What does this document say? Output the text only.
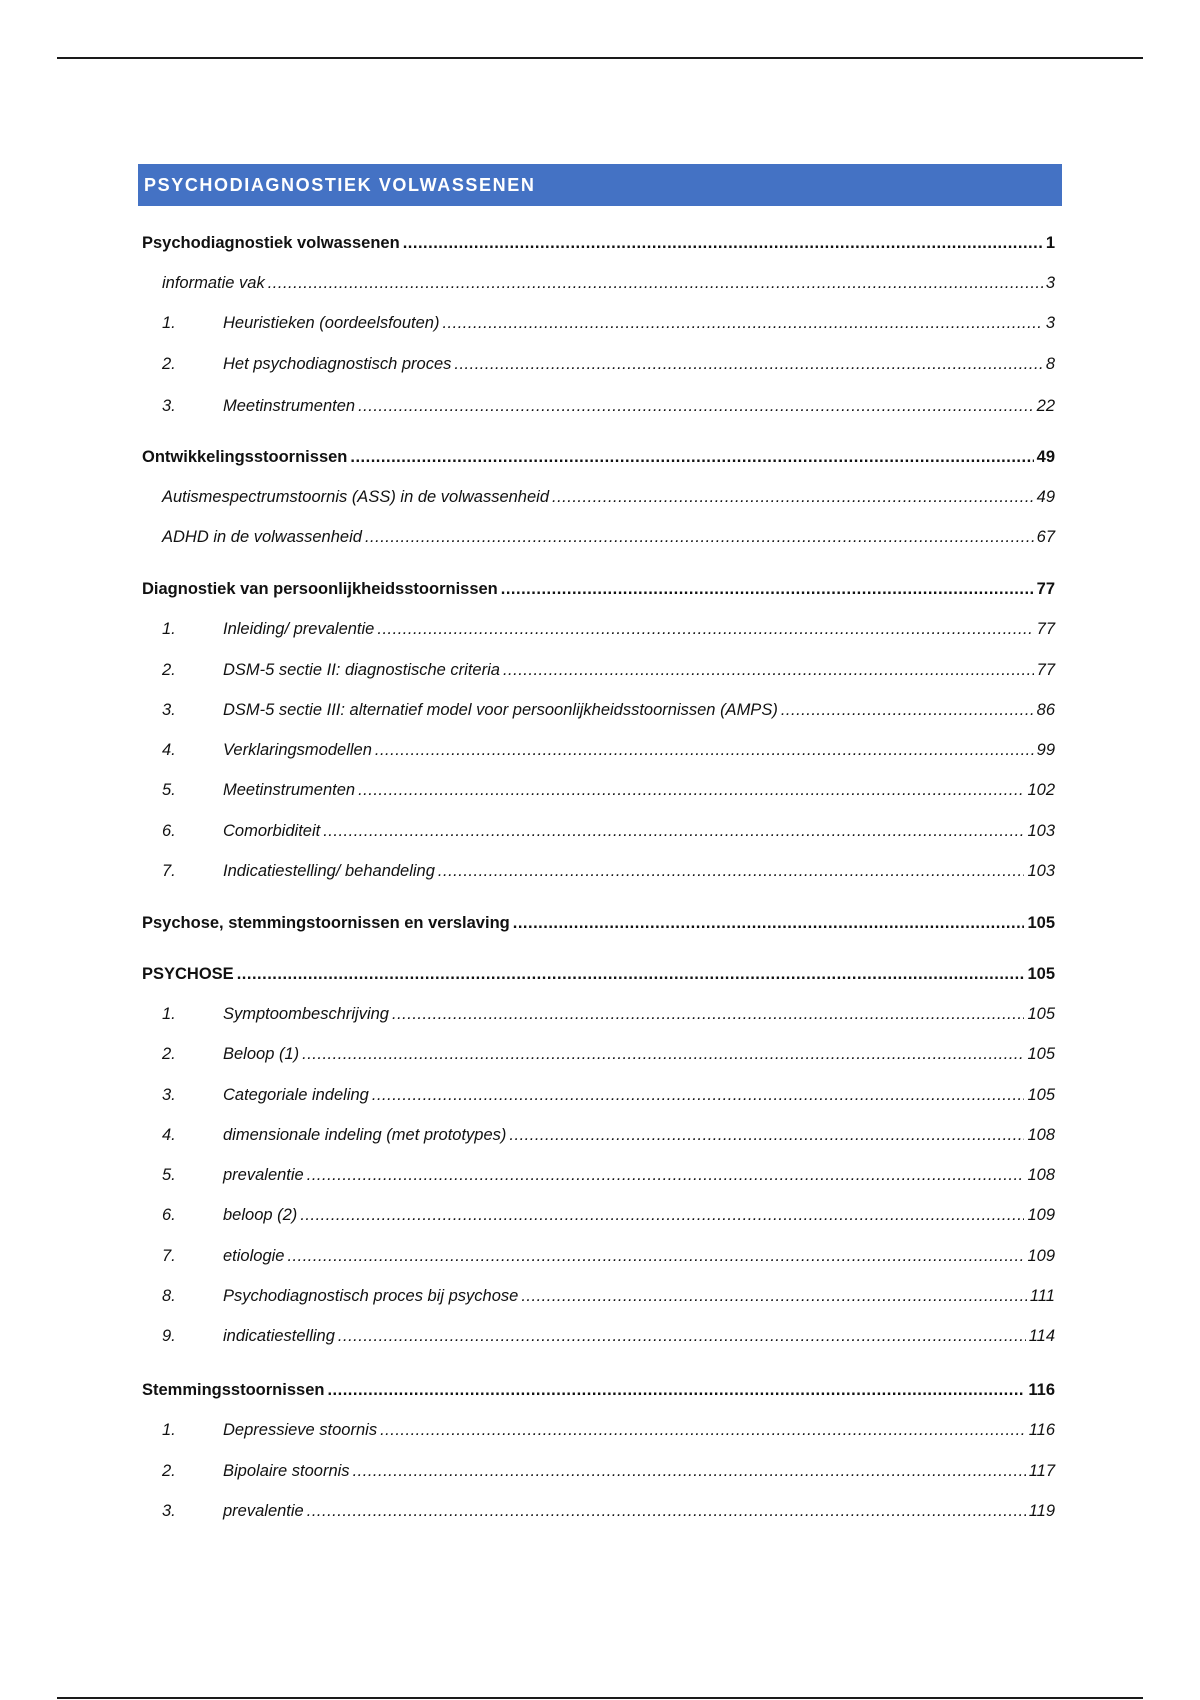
PSYCHODIAGNOSTIEK VOLWASSENEN
Psychodiagnostiek volwassenen .....	1
informatie vak .....	3
1.	Heuristieken (oordeelsfouten) .....	3
2.	Het psychodiagnostisch proces .....	8
3.	Meetinstrumenten .....	22
Ontwikkelingsstoornissen .....	49
Autismespectrumstoornis (ASS) in de volwassenheid .....	49
ADHD in de volwassenheid .....	67
Diagnostiek van persoonlijkheidsstoornissen .....	77
1.	Inleiding/ prevalentie .....	77
2.	DSM-5 sectie II: diagnostische criteria .....	77
3.	DSM-5 sectie III: alternatief model voor persoonlijkheidsstoornissen (AMPS) .....	86
4.	Verklaringsmodellen .....	99
5.	Meetinstrumenten .....	102
6.	Comorbiditeit .....	103
7.	Indicatiestelling/ behandeling .....	103
Psychose, stemmingstoornissen en verslaving .....	105
PSYCHOSE .....	105
1.	Symptoombeschrijving .....	105
2.	Beloop (1) .....	105
3.	Categoriale indeling .....	105
4.	dimensionale indeling (met prototypes) .....	108
5.	prevalentie .....	108
6.	beloop (2) .....	109
7.	etiologie .....	109
8.	Psychodiagnostisch proces bij psychose .....	111
9.	indicatiestelling .....	114
Stemmingsstoornissen .....	116
1.	Depressieve stoornis .....	116
2.	Bipolaire stoornis .....	117
3.	prevalentie .....	119
